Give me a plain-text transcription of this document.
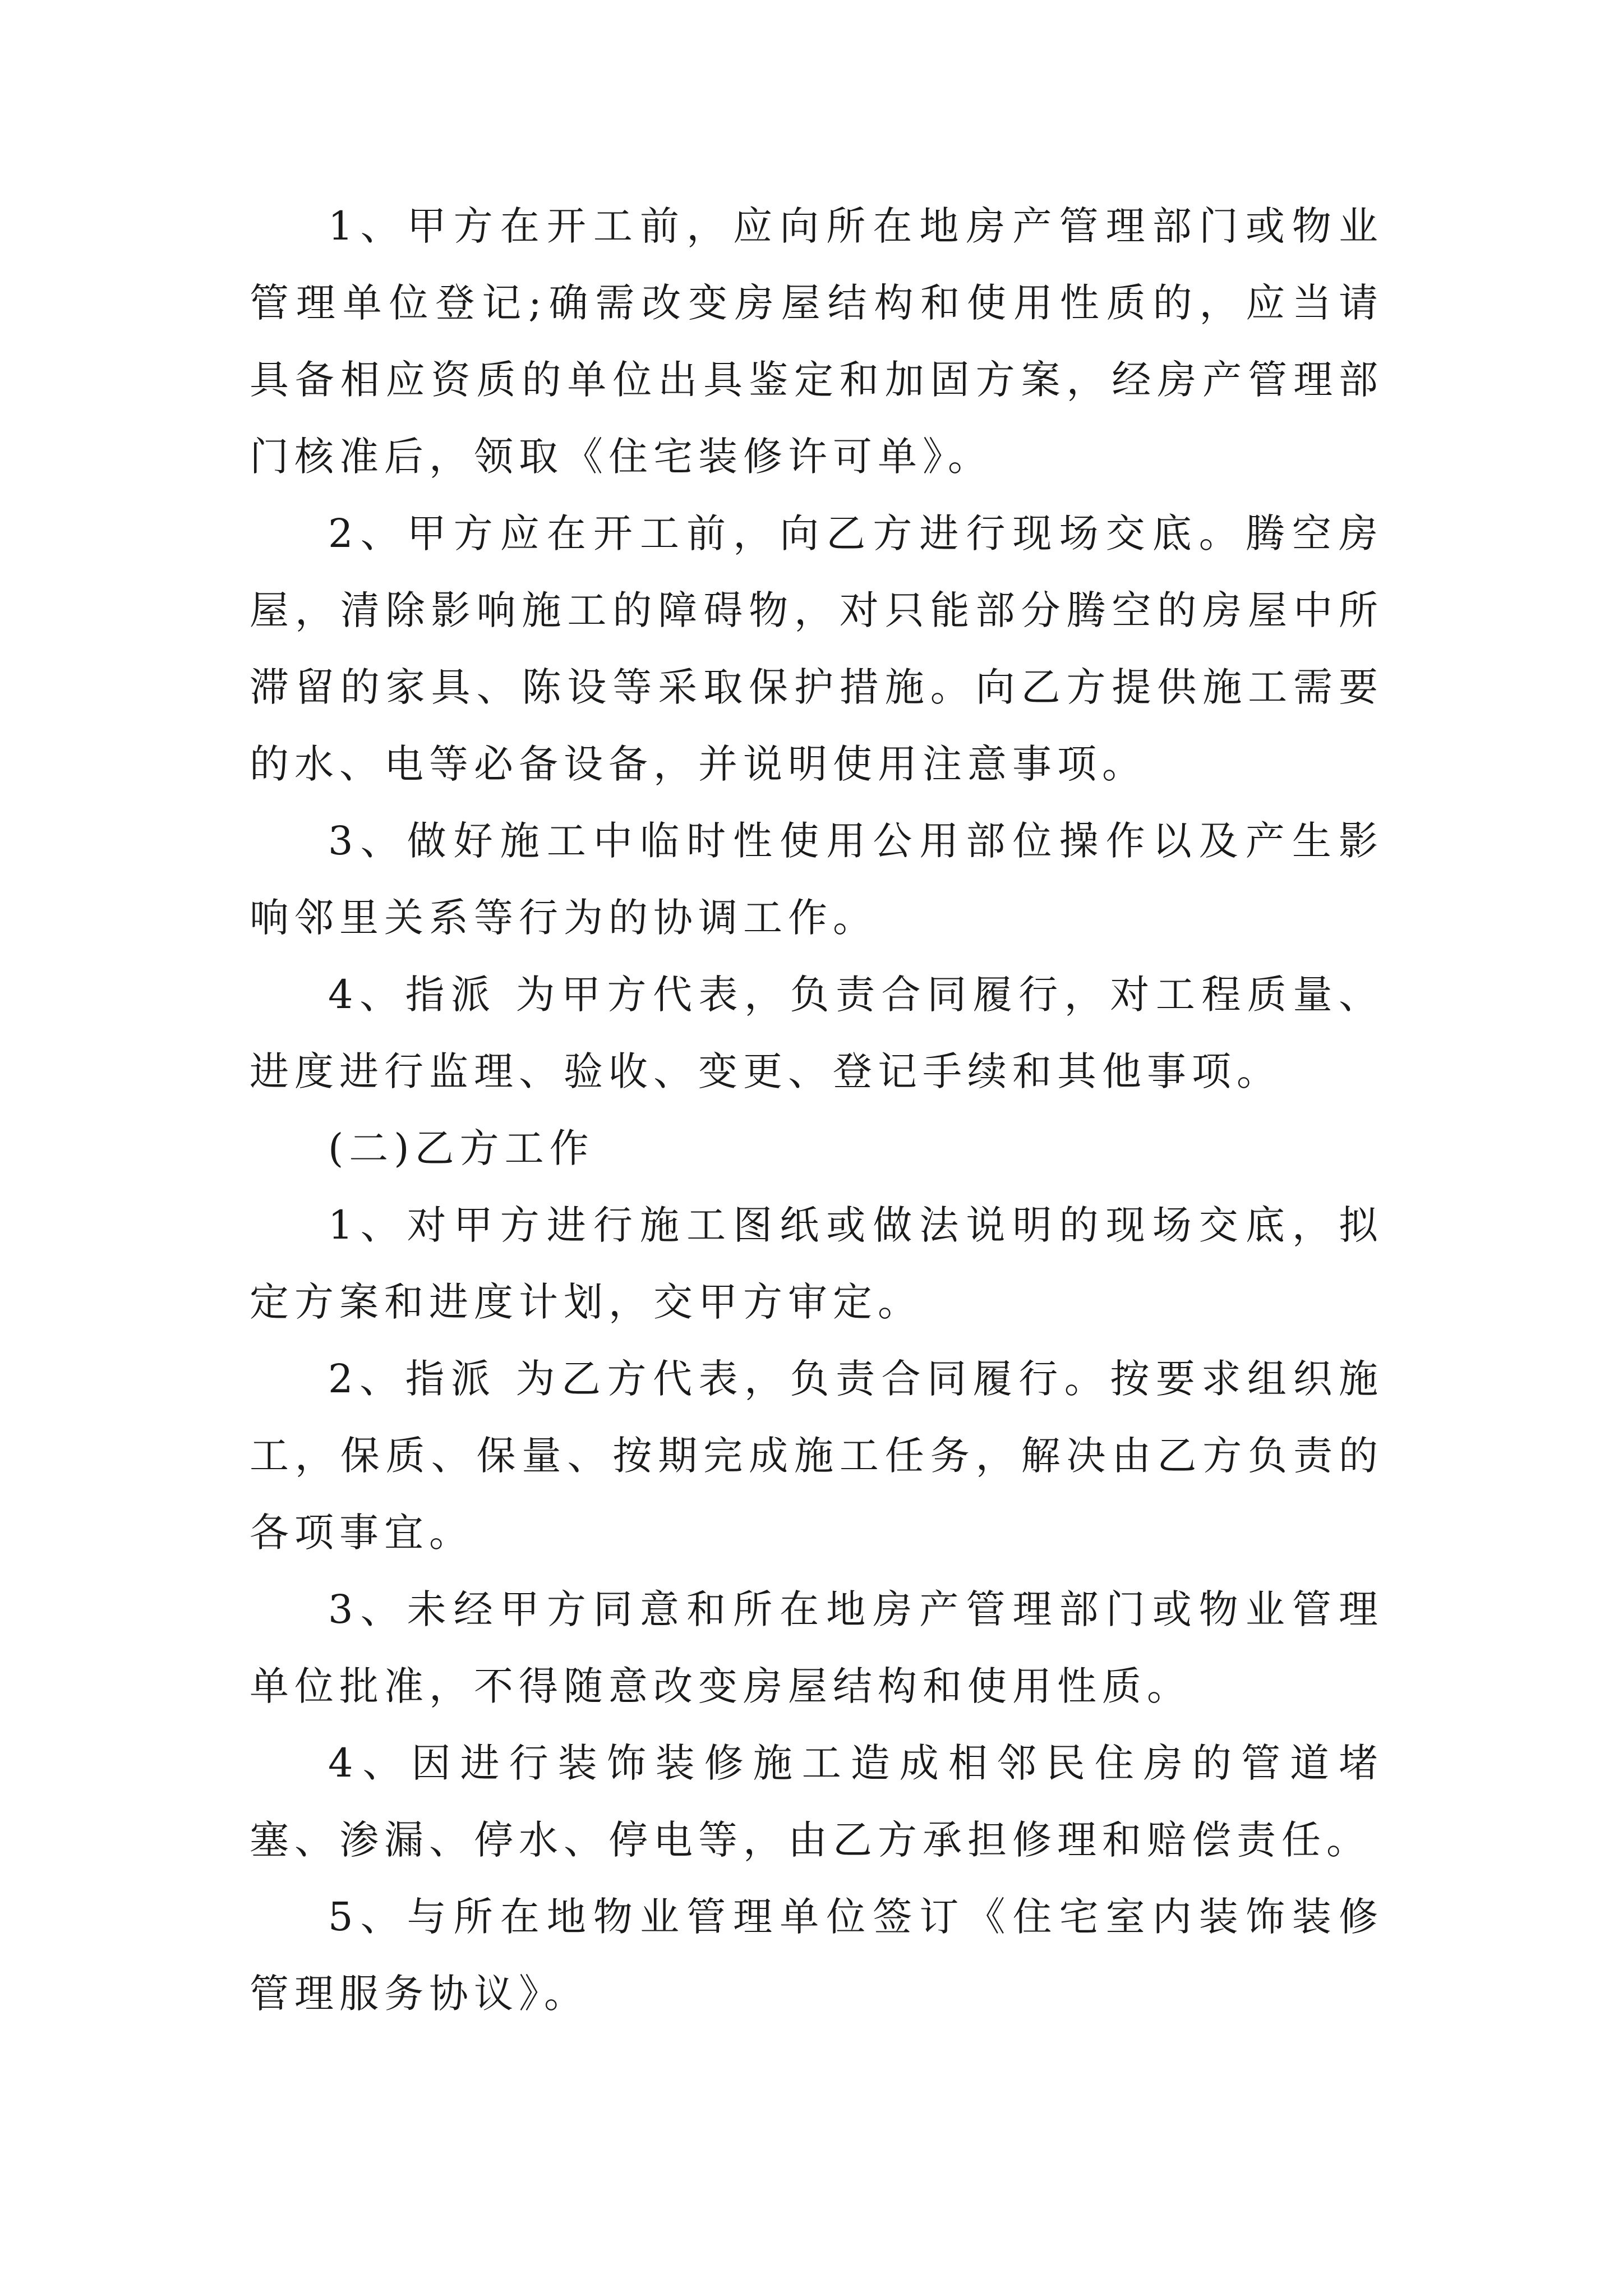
1、甲方在开工前，应向所在地房产管理部门或物业管理单位登记;确需改变房屋结构和使用性质的，应当请具备相应资质的单位出具鉴定和加固方案，经房产管理部门核准后，领取《住宅装修许可单》。

2、甲方应在开工前，向乙方进行现场交底。腾空房屋，清除影响施工的障碍物，对只能部分腾空的房屋中所滞留的家具、陈设等采取保护措施。向乙方提供施工需要的水、电等必备设备，并说明使用注意事项。

3、做好施工中临时性使用公用部位操作以及产生影响邻里关系等行为的协调工作。

4、指派 为甲方代表，负责合同履行，对工程质量、进度进行监理、验收、变更、登记手续和其他事项。

(二)乙方工作

1、对甲方进行施工图纸或做法说明的现场交底，拟定方案和进度计划，交甲方审定。

2、指派 为乙方代表，负责合同履行。按要求组织施工，保质、保量、按期完成施工任务，解决由乙方负责的各项事宜。

3、未经甲方同意和所在地房产管理部门或物业管理单位批准，不得随意改变房屋结构和使用性质。

4、因进行装饰装修施工造成相邻民住房的管道堵塞、渗漏、停水、停电等，由乙方承担修理和赔偿责任。

5、与所在地物业管理单位签订《住宅室内装饰装修管理服务协议》。
